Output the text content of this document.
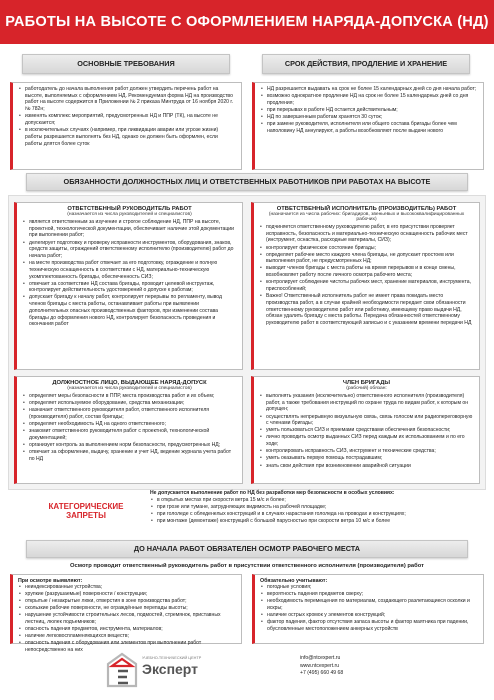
РАБОТЫ НА ВЫСОТЕ С ОФОРМЛЕНИЕМ НАРЯДА-ДОПУСКА (НД)
ОСНОВНЫЕ ТРЕБОВАНИЯ	СРОК ДЕЙСТВИЯ, ПРОДЛЕНИЕ И ХРАНЕНИЕ
• работодатель до начала выполнения работ должен утвердить перечень работ на высоте, выполняемых с оформлением НД. Рекомендуемая форма НД на производство работ на высоте содержится в Приложении № 2 приказа Минтруда от 16 ноября 2020 г. № 782н;
• изменять комплекс мероприятий, предусмотренных НД и ППР (ТК), на высоте не допускается;
• в исключительных случаях (например, при ликвидации аварии или угрозе жизни) работы разрешается выполнять без НД, однако он должен быть оформлен, если работы длятся более суток
• НД разрешается выдавать на срок не более 15 календарных дней со дня начала работ;
• возможно однократное продление НД на срок не более 15 календарных дней со дня продления;
• при перерывах в работе НД остается действительным;
• НД по завершенным работам хранятся 30 суток;
• при замене руководителя, исполнителя или общего состава бригады более чем наполовину НД аннулируют, а работы возобновляют после выдачи нового
ОБЯЗАННОСТИ ДОЛЖНОСТНЫХ ЛИЦ И ОТВЕТСТВЕННЫХ РАБОТНИКОВ ПРИ РАБОТАХ НА ВЫСОТЕ
ОТВЕТСТВЕННЫЙ РУКОВОДИТЕЛЬ РАБОТ
(назначается из числа руководителей и специалистов)
• является ответственным за изучение и строгое соблюдение НД, ППР на высоте, проектной, технологической документации, обеспечивает наличие этой документации при выполнении работ;
• делегирует подготовку и проверку исправности инструментов, оборудования, знаков, средств защиты, ограждений ответственному исполнителю (производителю) работ до начала работ;
• на месте производства работ отвечает за его подготовку, ограждение и полную техническую оснащенность в соответствии с НД, материально-техническую укомплектованность бригады, обеспеченность СИЗ;
• отвечает за соответствие НД состава бригады, проводит целевой инструктаж, контролирует действительность удостоверений о допуске к работам;
• допускает бригаду к началу работ, контролирует перерывы по регламенту, вывод членов бригады с места работы, останавливает работы при выявлении дополнительных опасных производственных факторов, при изменении состава бригады до оформления нового НД, контролирует безопасность проведения и окончания работ
ОТВЕТСТВЕННЫЙ ИСПОЛНИТЕЛЬ (ПРОИЗВОДИТЕЛЬ) РАБОТ
(назначается из числа рабочих: бригадиров, звеньевых и высококвалифицированных рабочих)
• подчиняется ответственному руководителю работ, в его присутствии проверяет исправность, безопасность и материально-техническую оснащенность рабочих мест (инструмент, оснастка, расходные материалы, СИЗ);
• контролирует физическое состояние бригады;
• определяет рабочее место каждого члена бригады, не допускает простоев или выполнения работ, не предусмотренных НД;
• выводит членов бригады с места работы на время перерывов и в конце смены, возобновляет работу после личного осмотра рабочего места;
• контролирует соблюдение чистоты рабочих мест, хранение материалов, инструмента, приспособлений;
• Важно! Ответственный исполнитель работ не имеет права покидать место производства работ, а в случае крайней необходимости передает свои обязанности ответственному руководителю работ или работнику, имеющему право выдачи НД, обязан удалить бригаду с места работы. Передача обязанностей ответственному руководителю работ в соответствующей записью и с указанием времени передачи НД
ДОЛЖНОСТНОЕ ЛИЦО, ВЫДАЮЩЕЕ НАРЯД-ДОПУСК
(назначается из числа руководителей и специалистов)
• определяет меры безопасности в ППР, места производства работ и их объем;
• определяет используемое оборудование, средства механизации;
• назначает ответственного руководителя работ, ответственного исполнителя (производителя) работ, состав бригады;
• определяет необходимость НД на одного ответственного;
• знакомит ответственного руководителя работ с проектной, технологической документацией;
• организует контроль за выполнением норм безопасности, предусмотренных НД;
• отвечает за оформление, выдачу, хранение и учет НД, ведение журнала учета работ по НД
ЧЛЕН БРИГАДЫ
(рабочий) обязан:
• выполнять указания (исключительно) ответственного исполнителя (производителя) работ, а также требования инструкций по охране труда по видам работ, к которым он допущен;
• осуществлять непрерывную визуальную связь, связь голосом или радиопереговорную с членами бригады;
• уметь пользоваться СИЗ и приемами средствами обеспечения безопасности;
• лично проводить осмотр выданных СИЗ перед каждым их использованием и по его ходе;
• контролировать исправность СИЗ, инструмент и технические средства;
• уметь оказывать первую помощь пострадавшим;
• знать свои действия при возникновении аварийной ситуации
КАТЕГОРИЧЕСКИЕ ЗАПРЕТЫ
Не допускается выполнение работ по НД без разработки мер безопасности в особых условиях:
• в открытых местах при скорости ветра 15 м/с и более;
• при грозе или тумане, затрудняющих видимость на рабочей площадке;
• при гололеде с обледенелых конструкций и в случаях нарастания гололеда на проводах и конструкциях;
• при монтаже (демонтаже) конструкций с большой парусностью при скорости ветра 10 м/с и более
ДО НАЧАЛА РАБОТ ОБЯЗАТЕЛЕН ОСМОТР РАБОЧЕГО МЕСТА
Осмотр проводит ответственный руководитель работ в присутствии ответственного исполнителя (производителя) работ
При осмотре выявляют:
• неиндексированные устройства;
• хрупкие (разрушаемые) поверхности / конструкции;
• открытые / незакрытые люки, отверстия в зоне производства работ;
• скользкие рабочие поверхности, не ограждённые перепады высоты;
• нарушение устойчивости строительных лесов, подмостей, стремянок, приставных лестниц, люлек подъемников;
• опасность падения предметов, инструмента, материалов;
• наличие легковоспламеняющихся веществ;
• опасность падения с оборудования или элементов при выполнении работ непосредственно на них
Обязательно учитывают:
• погодные условия;
• вероятность падения предметов сверху;
• необходимость перемещения по материалам, создающего разлетающиеся осколки и искры;
• наличие острых кромок у элементов конструкций;
• фактор падения, фактор отсутствия запаса высоты и фактор маятника при падении, обусловленные местоположением анкерных устройств
УЧЕБНО-ТЕХНИЧЕСКИЙ ЦЕНТР
Эксперт
info@ntcexpert.ru
www.ntcexpert.ru
+7 (495) 660 49 68
